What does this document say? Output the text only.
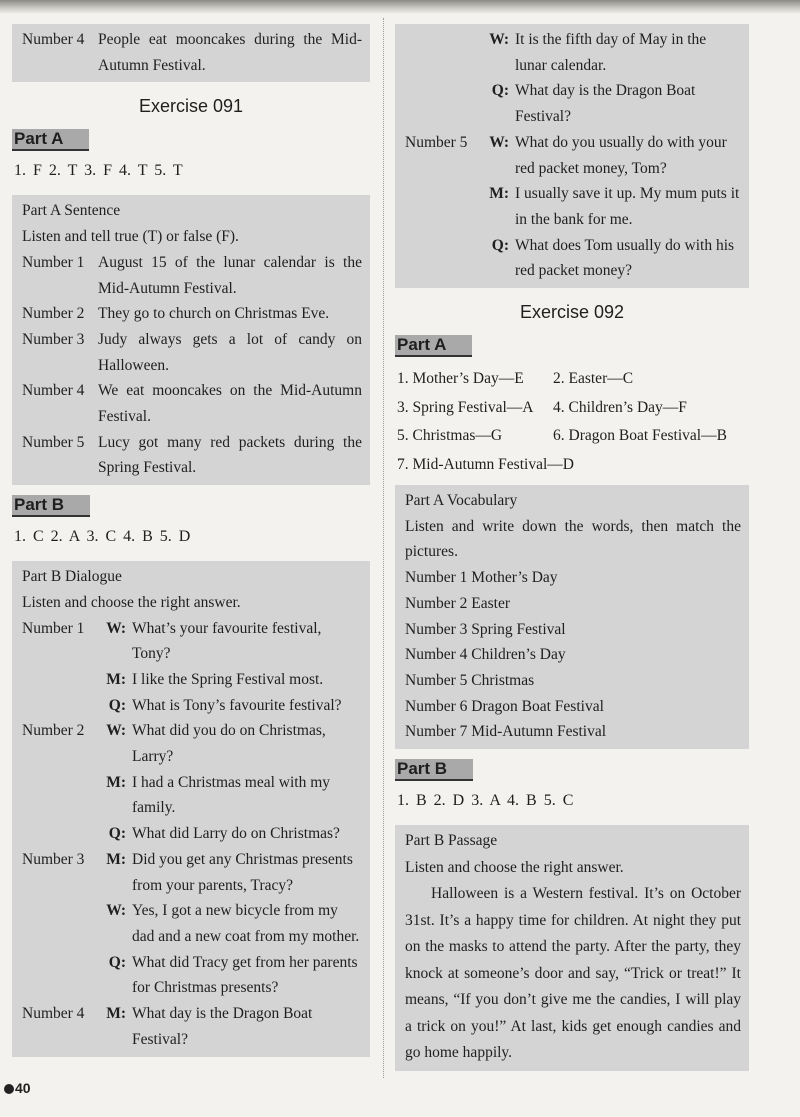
Number 4 People eat mooncakes during the Mid-Autumn Festival.
Exercise 091
Part A
1. F 2. T 3. F 4. T 5. T

Part A Sentence

Listen and tell true (T) or false (F).

Number 1 August 15 of the lunar calendar is the Mid-Autumn Festival.
Number 2 They go to church on Christmas Eve.
Number 3 Judy always gets a lot of candy on Halloween.
Number 4 We eat mooncakes on the Mid-Autumn Festival.
Number 5 Lucy got many red packets during the Spring Festival.
Part B
1. C 2. A 3. C 4. B 5. D

Part B Dialogue

Listen and choose the right answer.

Number 1	W: What’s your favourite festival, Tony?
M: I like the Spring Festival most.
Q: What is Tony’s favourite festival?
Number 2	W: What did you do on Christmas, Larry?
M: I had a Christmas meal with my family.
Q: What did Larry do on Christmas?
Number 3	M: Did you get any Christmas presents from your parents, Tracy?
W: Yes, I got a new bicycle from my dad and a new coat from my mother.
Q: What did Tracy get from her parents for Christmas presents?
Number 4	M: What day is the Dragon Boat Festival?
W: It is the fifth day of May in the lunar calendar.
Q: What day is the Dragon Boat Festival?
Number 5	W: What do you usually do with your red packet money, Tom?
M: I usually save it up. My mum puts it in the bank for me.
Q: What does Tom usually do with his red packet money?
Exercise 092
Part A
1. Mother’s Day—E	2. Easter—C
3. Spring Festival—A	4. Children’s Day—F
5. Christmas—G	6. Dragon Boat Festival—B
7. Mid-Autumn Festival—D

Part A Vocabulary

Listen and write down the words, then match the pictures.

Number 1 Mother’s Day

Number 2 Easter

Number 3 Spring Festival

Number 4 Children’s Day

Number 5 Christmas

Number 6 Dragon Boat Festival

Number 7 Mid-Autumn Festival

Part B
1. B 2. D 3. A 4. B 5. C

Part B Passage

Listen and choose the right answer.

Halloween is a Western festival. It’s on October 31st. It’s a happy time for children. At night they put on the masks to attend the party. After the party, they knock at someone’s door and say, “Trick or treat!” It means, “If you don’t give me the candies, I will play a trick on you!” At last, kids get enough candies and go home happily.

40
